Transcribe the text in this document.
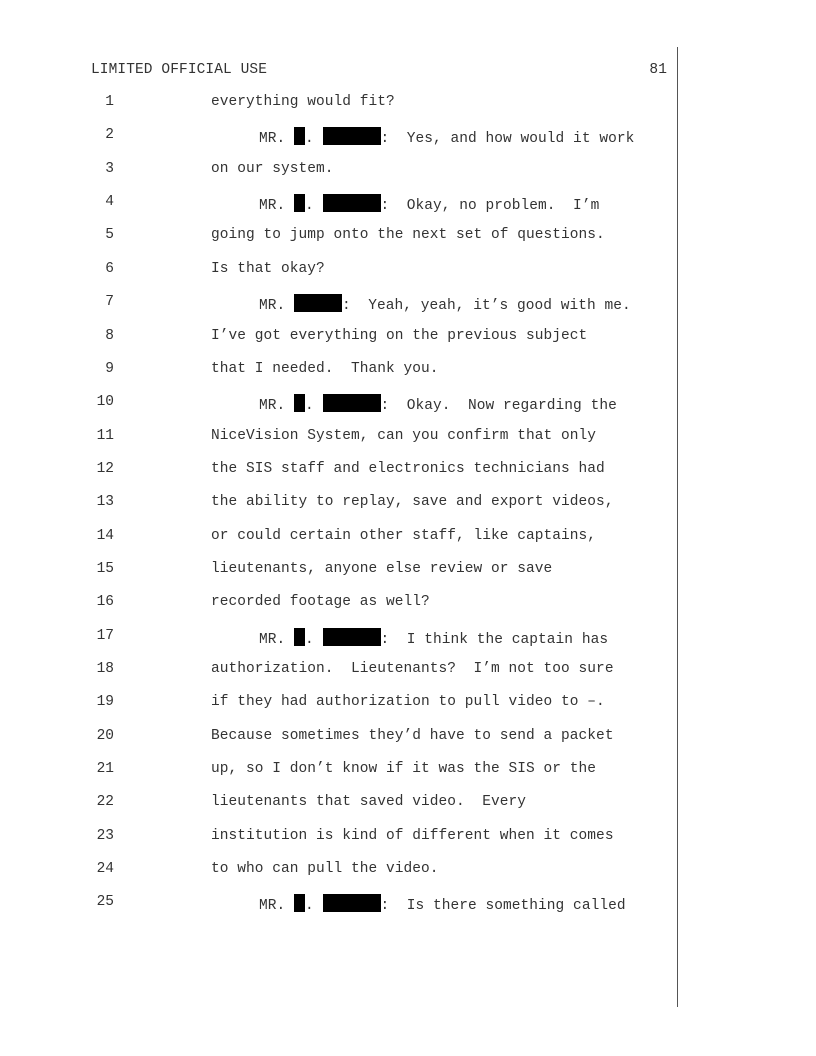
LIMITED OFFICIAL USE	81
1	everything would fit?
2	MR. .	:  Yes, and how would it work
3	on our system.
4	MR. .	:  Okay, no problem.  I’m
5	going to jump onto the next set of questions.
6	Is that okay?
7	MR.	:  Yeah, yeah, it’s good with me.
8	I’ve got everything on the previous subject
9	that I needed.  Thank you.
10	MR. .	:  Okay.  Now regarding the
11	NiceVision System, can you confirm that only
12	the SIS staff and electronics technicians had
13	the ability to replay, save and export videos,
14	or could certain other staff, like captains,
15	lieutenants, anyone else review or save
16	recorded footage as well?
17	MR. .	:  I think the captain has
18	authorization.  Lieutenants?  I’m not too sure
19	if they had authorization to pull video to –.
20	Because sometimes they’d have to send a packet
21	up, so I don’t know if it was the SIS or the
22	lieutenants that saved video.  Every
23	institution is kind of different when it comes
24	to who can pull the video.
25	MR. .	:  Is there something called
